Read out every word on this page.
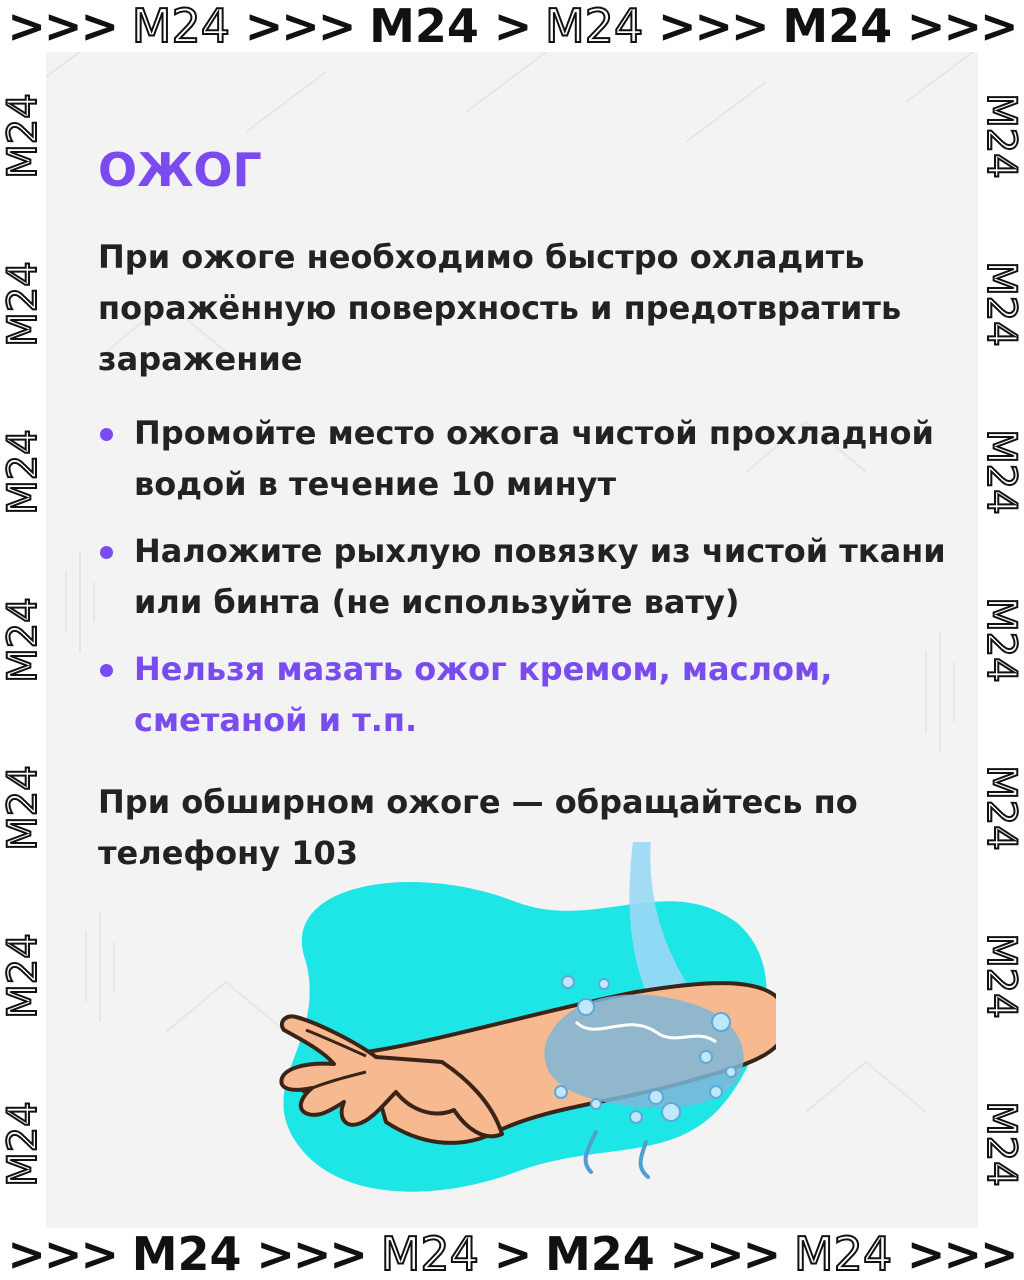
>>> M24 >>> M24 > M24 >>> M24 >>>
M24
M24
M24
M24
M24
M24
M24	M24
M24
M24
M24
M24
M24
M24
ОЖОГ

При ожоге необходимо быстро охладить поражённую поверхность и предотвратить заражение

Промойте место ожога чистой прохладной водой в течение 10 минут
Наложите рыхлую повязку из чистой ткани или бинта (не используйте вату)
Нельзя мазать ожог кремом, маслом, сметаной и т.п.

При обширном ожоге — обращайтесь по телефону 103

>>> M24 >>> M24 > M24 >>> M24 >>>
